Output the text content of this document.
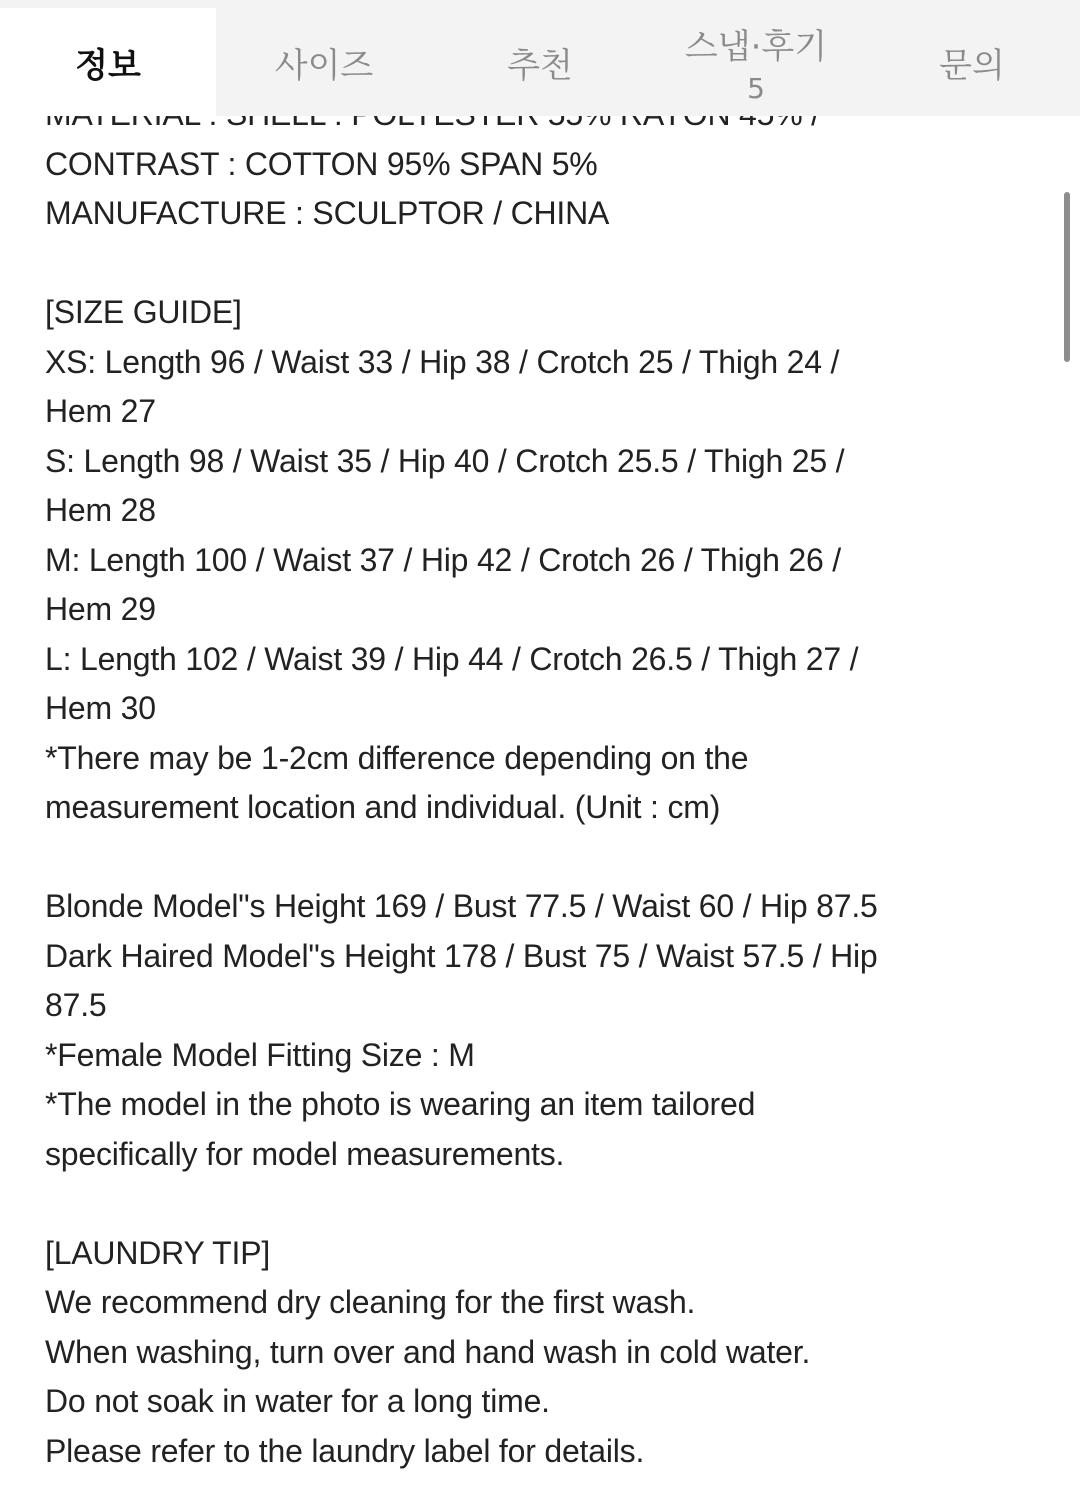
정보	사이즈	추천	스냅·후기
5
문의
CONTRAST : COTTON 95% SPAN 5%
MANUFACTURE : SCULPTOR / CHINA
[SIZE GUIDE]
XS: Length 96 / Waist 33 / Hip 38 / Crotch 25 / Thigh 24 /
Hem 27
S: Length 98 / Waist 35 / Hip 40 / Crotch 25.5 / Thigh 25 /
Hem 28
M: Length 100 / Waist 37 / Hip 42 / Crotch 26 / Thigh 26 /
Hem 29
L: Length 102 / Waist 39 / Hip 44 / Crotch 26.5 / Thigh 27 /
Hem 30
*There may be 1-2cm difference depending on the
measurement location and individual. (Unit : cm)
Blonde Model"s Height 169 / Bust 77.5 / Waist 60 / Hip 87.5
Dark Haired Model"s Height 178 / Bust 75 / Waist 57.5 / Hip
87.5
*Female Model Fitting Size : M
*The model in the photo is wearing an item tailored
specifically for model measurements.
[LAUNDRY TIP]
We recommend dry cleaning for the first wash.
When washing, turn over and hand wash in cold water.
Do not soak in water for a long time.
Please refer to the laundry label for details.
